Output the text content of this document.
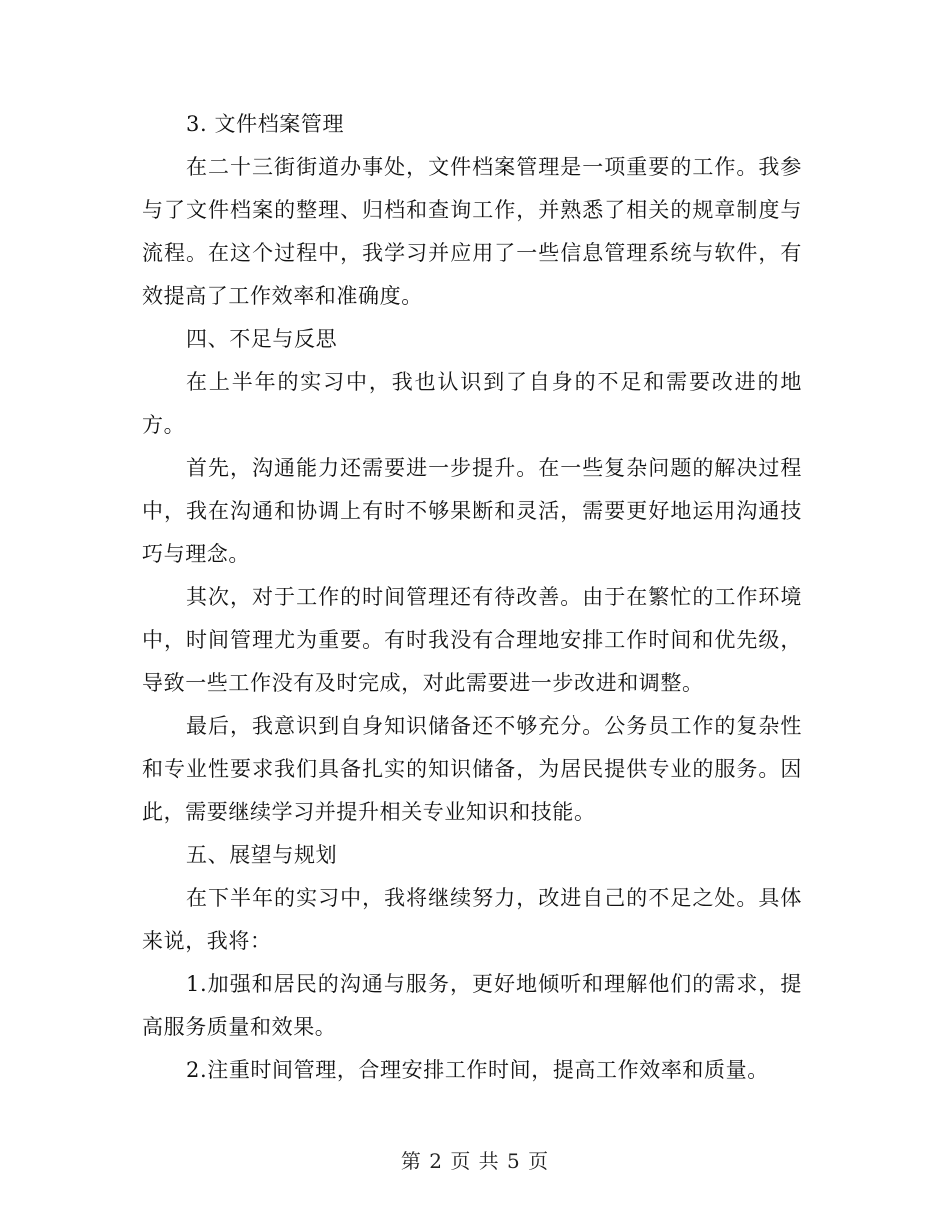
3. 文件档案管理

在二十三街街道办事处，文件档案管理是一项重要的工作。我参与了文件档案的整理、归档和查询工作，并熟悉了相关的规章制度与流程。在这个过程中，我学习并应用了一些信息管理系统与软件，有效提高了工作效率和准确度。

四、不足与反思

在上半年的实习中，我也认识到了自身的不足和需要改进的地方。

首先，沟通能力还需要进一步提升。在一些复杂问题的解决过程中，我在沟通和协调上有时不够果断和灵活，需要更好地运用沟通技巧与理念。

其次，对于工作的时间管理还有待改善。由于在繁忙的工作环境中，时间管理尤为重要。有时我没有合理地安排工作时间和优先级，导致一些工作没有及时完成，对此需要进一步改进和调整。

最后，我意识到自身知识储备还不够充分。公务员工作的复杂性和专业性要求我们具备扎实的知识储备，为居民提供专业的服务。因此，需要继续学习并提升相关专业知识和技能。

五、展望与规划

在下半年的实习中，我将继续努力，改进自己的不足之处。具体来说，我将：

1.加强和居民的沟通与服务，更好地倾听和理解他们的需求，提高服务质量和效果。

2.注重时间管理，合理安排工作时间，提高工作效率和质量。

第 2 页 共 5 页
